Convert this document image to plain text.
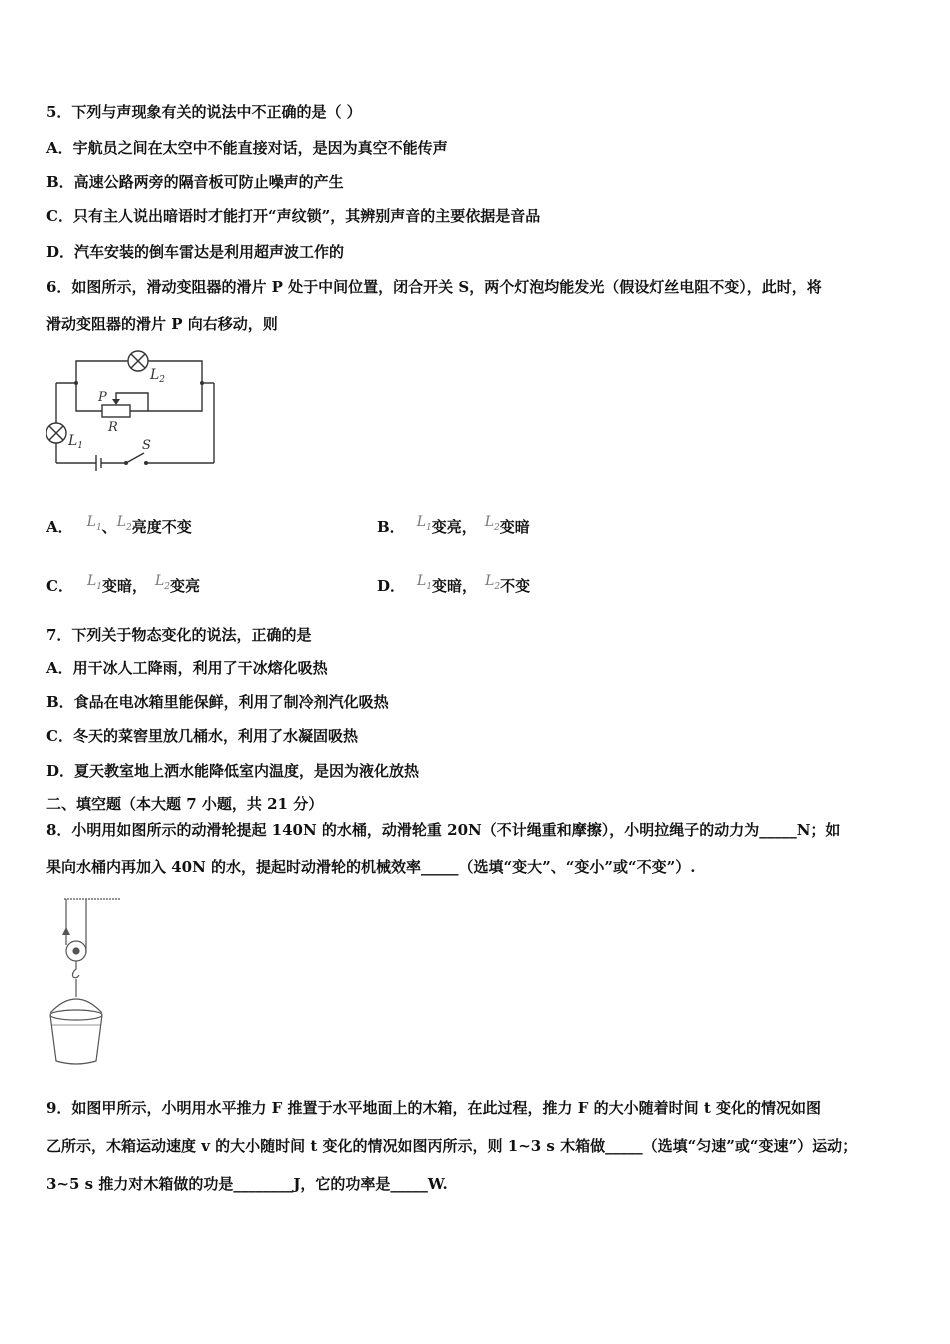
5．下列与声现象有关的说法中不正确的是（ ）
A．宇航员之间在太空中不能直接对话，是因为真空不能传声
B．高速公路两旁的隔音板可防止噪声的产生
C．只有主人说出暗语时才能打开“声纹锁”，其辨别声音的主要依据是音品
D．汽车安装的倒车雷达是利用超声波工作的
6．如图所示，滑动变阻器的滑片 P 处于中间位置，闭合开关 S，两个灯泡均能发光（假设灯丝电阻不变），此时，将
滑动变阻器的滑片 P 向右移动，则
$L_2$
$L_1$
P
R
S
A． $L_1$、$L_2$亮度不变	B． $L_1$变亮， $L_2$变暗
C． $L_1$变暗， $L_2$变亮	D． $L_1$变暗， $L_2$不变
7．下列关于物态变化的说法，正确的是
A．用干冰人工降雨，利用了干冰熔化吸热
B．食品在电冰箱里能保鲜，利用了制冷剂汽化吸热
C．冬天的菜窖里放几桶水，利用了水凝固吸热
D．夏天教室地上洒水能降低室内温度，是因为液化放热
二、填空题（本大题 7 小题，共 21 分）
8．小明用如图所示的动滑轮提起 140N 的水桶，动滑轮重 20N（不计绳重和摩擦），小明拉绳子的动力为_____N；如
果向水桶内再加入 40N 的水，提起时动滑轮的机械效率_____（选填“变大”、“变小”或“不变”）.
9．如图甲所示，小明用水平推力 F 推置于水平地面上的木箱，在此过程，推力 F 的大小随着时间 t 变化的情况如图
乙所示，木箱运动速度 v 的大小随时间 t 变化的情况如图丙所示，则 1~3 s 木箱做_____（选填“匀速”或“变速”）运动；
3~5 s 推力对木箱做的功是________J，它的功率是_____W.
